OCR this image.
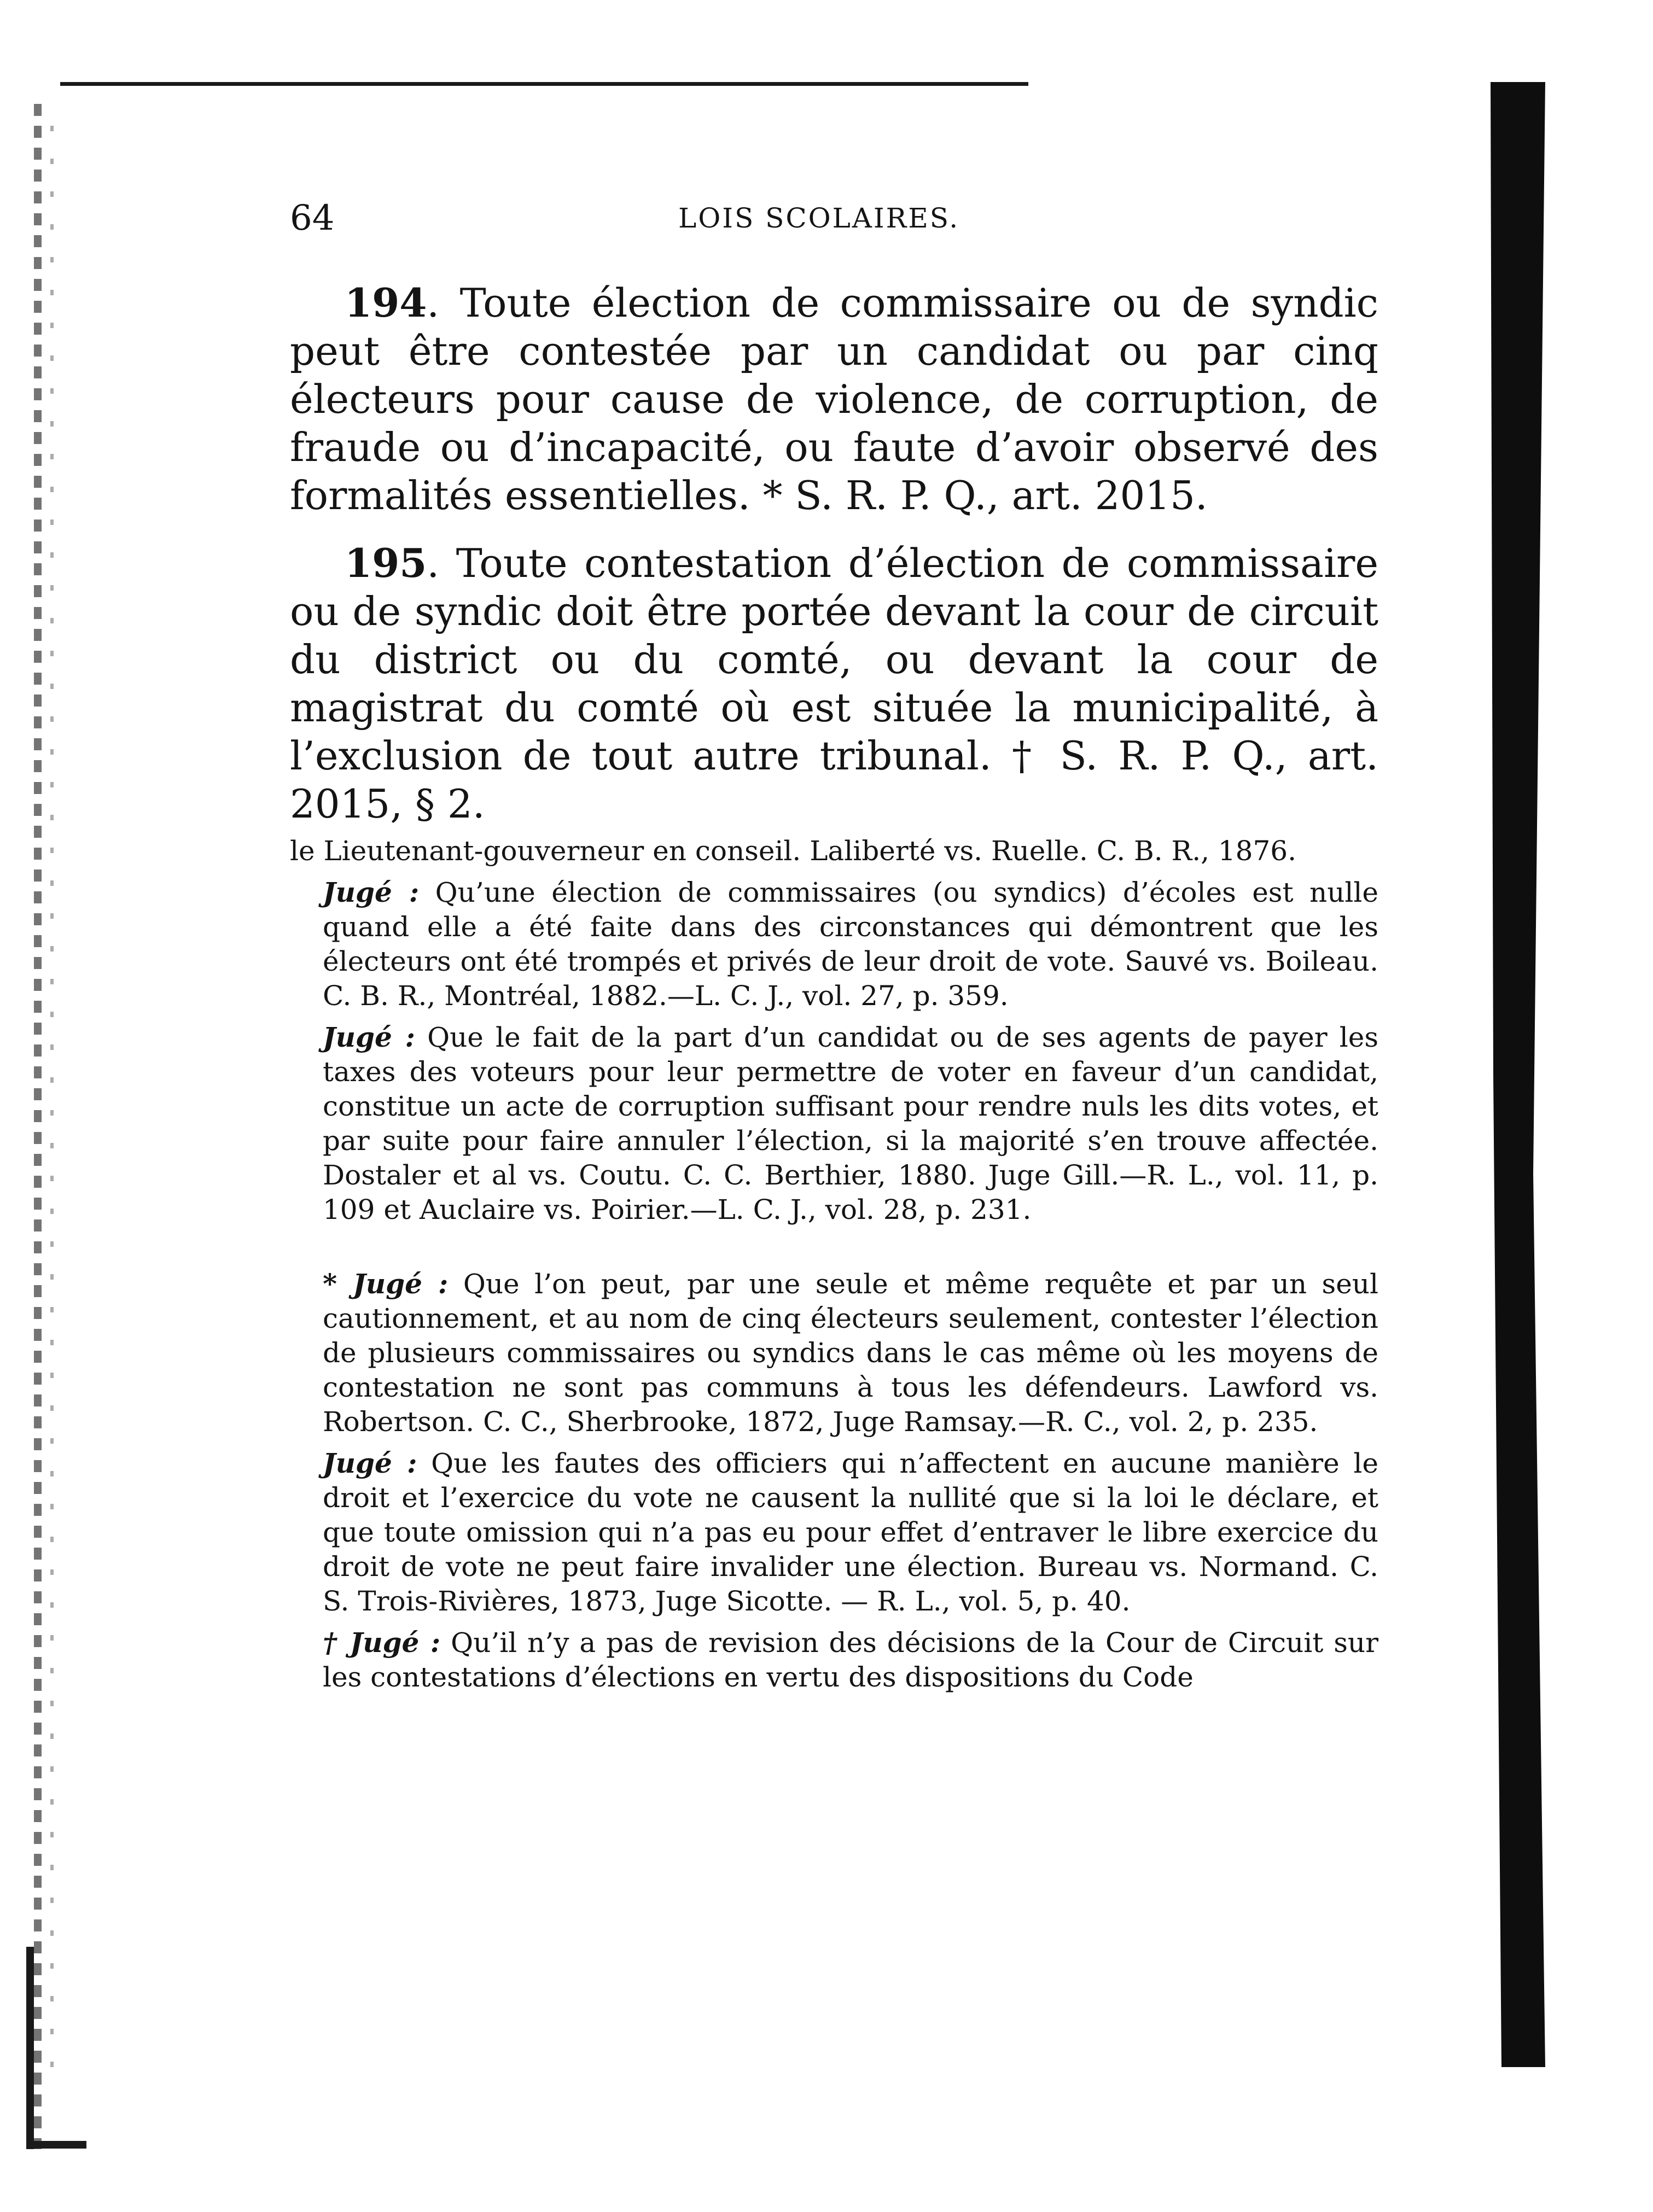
64	LOIS SCOLAIRES.

194. Toute élection de commissaire ou de syndic peut être contestée par un candidat ou par cinq électeurs pour cause de violence, de corruption, de fraude ou d’incapacité, ou faute d’avoir observé des formalités essentielles. * S. R. P. Q., art. 2015.

195. Toute contestation d’élection de commissaire ou de syndic doit être portée devant la cour de circuit du district ou du comté, ou devant la cour de magistrat du comté où est située la municipalité, à l’exclusion de tout autre tribunal. † S. R. P. Q., art. 2015, § 2.

le Lieutenant-gouverneur en conseil. Laliberté vs. Ruelle. C. B. R., 1876.

Jugé : Qu’une élection de commissaires (ou syndics) d’écoles est nulle quand elle a été faite dans des circonstances qui démontrent que les électeurs ont été trompés et privés de leur droit de vote. Sauvé vs. Boileau. C. B. R., Montréal, 1882.—L. C. J., vol. 27, p. 359.

Jugé : Que le fait de la part d’un candidat ou de ses agents de payer les taxes des voteurs pour leur permettre de voter en faveur d’un candidat, constitue un acte de corruption suffisant pour rendre nuls les dits votes, et par suite pour faire annuler l’élection, si la majorité s’en trouve affectée. Dostaler et al vs. Coutu. C. C. Berthier, 1880. Juge Gill.—R. L., vol. 11, p. 109 et Auclaire vs. Poirier.—L. C. J., vol. 28, p. 231.

* Jugé : Que l’on peut, par une seule et même requête et par un seul cautionnement, et au nom de cinq électeurs seulement, contester l’élection de plusieurs commissaires ou syndics dans le cas même où les moyens de contestation ne sont pas communs à tous les défendeurs. Lawford vs. Robertson. C. C., Sherbrooke, 1872, Juge Ramsay.—R. C., vol. 2, p. 235.

Jugé : Que les fautes des officiers qui n’affectent en aucune manière le droit et l’exercice du vote ne causent la nullité que si la loi le déclare, et que toute omission qui n’a pas eu pour effet d’entraver le libre exercice du droit de vote ne peut faire invalider une élection. Bureau vs. Normand. C. S. Trois-Rivières, 1873, Juge Sicotte. — R. L., vol. 5, p. 40.

† Jugé : Qu’il n’y a pas de revision des décisions de la Cour de Circuit sur les contestations d’élections en vertu des dispositions du Code
